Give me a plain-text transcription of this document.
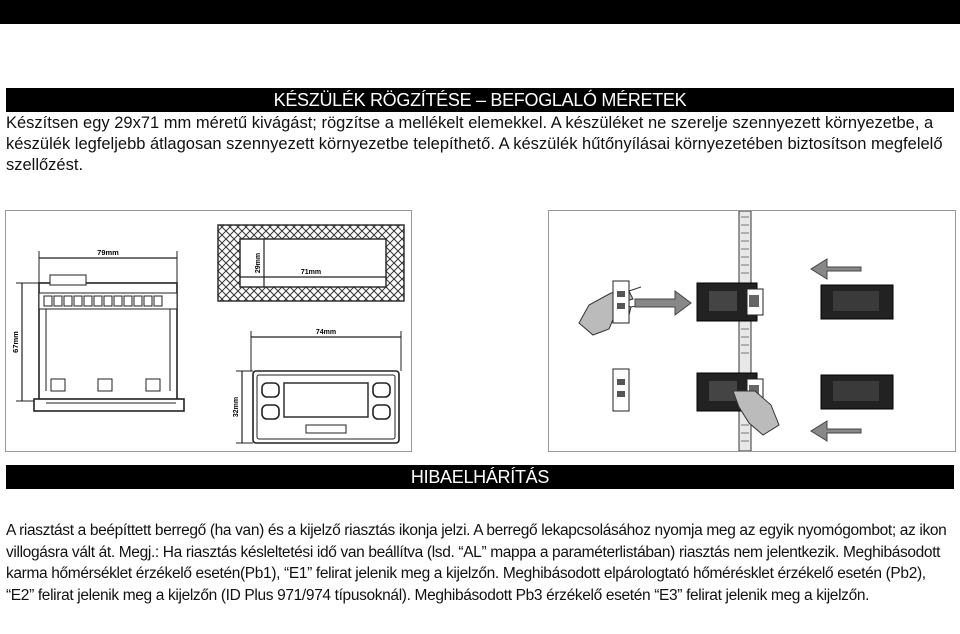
KÉSZÜLÉK RÖGZÍTÉSE – BEFOGLALÓ MÉRETEK

Készítsen egy 29x71 mm méretű kivágást; rögzítse a mellékelt elemekkel. A készüléket ne szerelje szennyezett környezetbe, a készülék legfeljebb átlagosan szennyezett környezetbe telepíthető. A készülék hűtőnyílásai környezetében biztosítson megfelelő szellőzést.

79mm
67mm
29mm	71mm
74mm
32mm
HIBAELHÁRÍTÁS

A riasztást a beépíttett berregő (ha van) és a kijelző riasztás ikonja jelzi. A berregő lekapcsolásához nyomja meg az egyik nyomógombot; az ikon villogásra vált át. Megj.: Ha riasztás késleltetési idő van beállítva (lsd. “AL” mappa a paraméterlistában) riasztás nem jelentkezik. Meghibásodott karma hőmérséklet érzékelő esetén(Pb1), “E1” felirat jelenik meg a kijelzőn. Meghibásodott elpárologtató hőmérésklet érzékelő esetén (Pb2), “E2” felirat jelenik meg a kijelzőn (ID Plus 971/974 típusoknál). Meghibásodott Pb3 érzékelő esetén “E3” felirat jelenik meg a kijelzőn.
